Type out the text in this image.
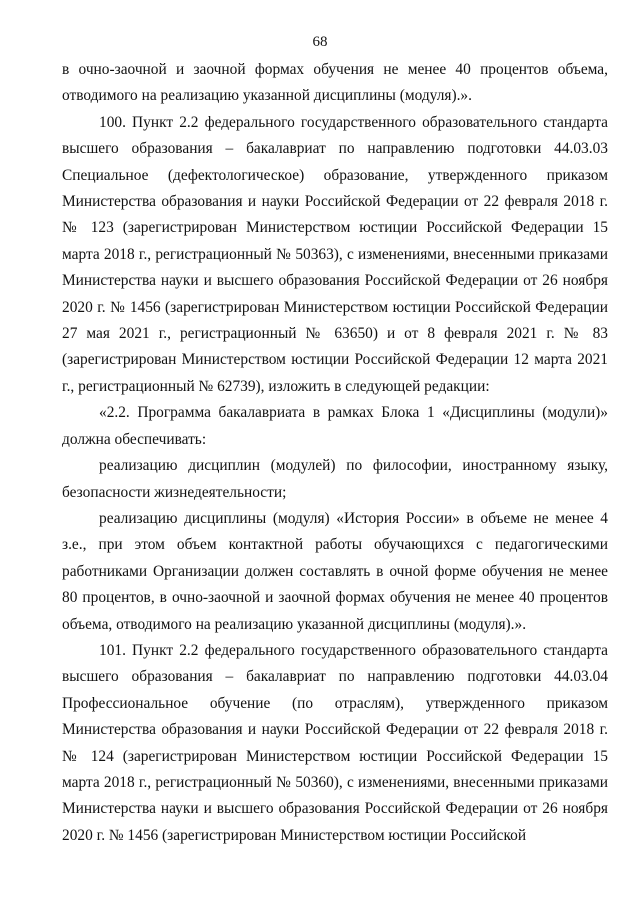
68

в очно-заочной и заочной формах обучения не менее 40 процентов объема, отводимого на реализацию указанной дисциплины (модуля).».

100. Пункт 2.2 федерального государственного образовательного стандарта высшего образования – бакалавриат по направлению подготовки 44.03.03 Специальное (дефектологическое) образование, утвержденного приказом Министерства образования и науки Российской Федерации от 22 февраля 2018 г. № 123 (зарегистрирован Министерством юстиции Российской Федерации 15 марта 2018 г., регистрационный № 50363), с изменениями, внесенными приказами Министерства науки и высшего образования Российской Федерации от 26 ноября 2020 г. № 1456 (зарегистрирован Министерством юстиции Российской Федерации 27 мая 2021 г., регистрационный № 63650) и от 8 февраля 2021 г. № 83 (зарегистрирован Министерством юстиции Российской Федерации 12 марта 2021 г., регистрационный № 62739), изложить в следующей редакции:

«2.2. Программа бакалавриата в рамках Блока 1 «Дисциплины (модули)» должна обеспечивать:

реализацию дисциплин (модулей) по философии, иностранному языку, безопасности жизнедеятельности;

реализацию дисциплины (модуля) «История России» в объеме не менее 4 з.е., при этом объем контактной работы обучающихся с педагогическими работниками Организации должен составлять в очной форме обучения не менее 80 процентов, в очно-заочной и заочной формах обучения не менее 40 процентов объема, отводимого на реализацию указанной дисциплины (модуля).».

101. Пункт 2.2 федерального государственного образовательного стандарта высшего образования – бакалавриат по направлению подготовки 44.03.04 Профессиональное обучение (по отраслям), утвержденного приказом Министерства образования и науки Российской Федерации от 22 февраля 2018 г. № 124 (зарегистрирован Министерством юстиции Российской Федерации 15 марта 2018 г., регистрационный № 50360), с изменениями, внесенными приказами Министерства науки и высшего образования Российской Федерации от 26 ноября 2020 г. № 1456 (зарегистрирован Министерством юстиции Российской
